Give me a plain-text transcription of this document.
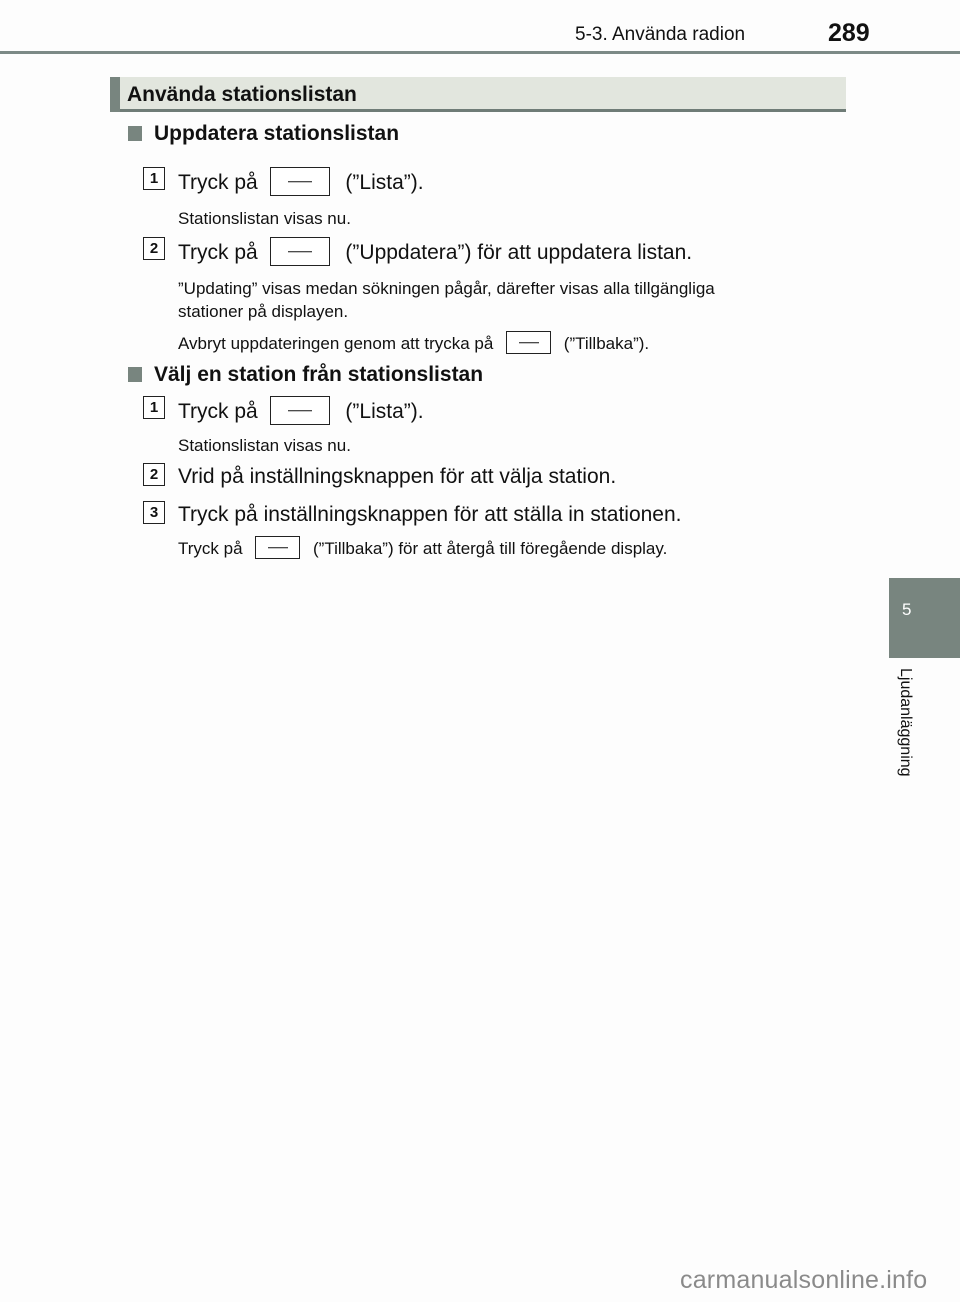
5-3. Använda radion	289
5
Ljudanläggning
Använda stationslistan
Uppdatera stationslistan
1 Tryck på	(”Lista”).
Stationslistan visas nu.
2 Tryck på	(”Uppdatera”) för att uppdatera listan.
”Updating” visas medan sökningen pågår, därefter visas alla tillgängliga
stationer på displayen.
Avbryt uppdateringen genom att trycka på	(”Tillbaka”).
Välj en station från stationslistan
1 Tryck på	(”Lista”).
Stationslistan visas nu.
2 Vrid på inställningsknappen för att välja station.
3 Tryck på inställningsknappen för att ställa in stationen.
Tryck på	(”Tillbaka”) för att återgå till föregående display.
carmanualsonline.info
